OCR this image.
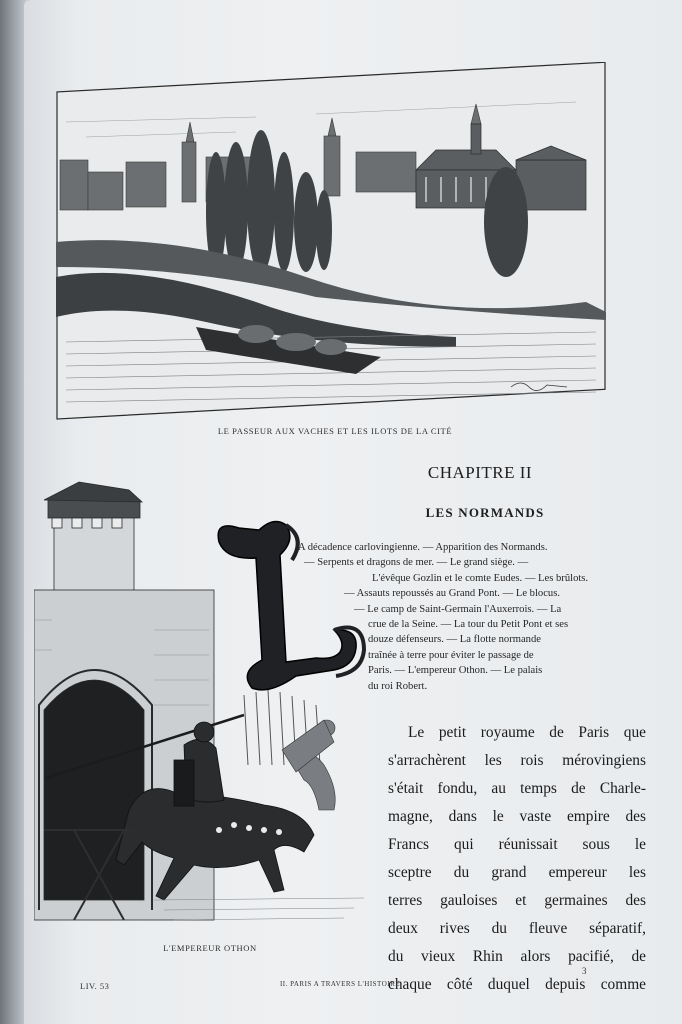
LE PASSEUR AUX VACHES ET LES ILOTS DE LA CITÉ
CHAPITRE II
LES NORMANDS
A décadence carlovingienne. — Apparition des Normands.
— Serpents et dragons de mer. — Le grand siège. —
L'évêque Gozlin et le comte Eudes. — Les brûlots.
— Assauts repoussés au Grand Pont. — Le blocus.
— Le camp de Saint-Germain l'Auxerrois. — La
crue de la Seine. — La tour du Petit Pont et ses
douze défenseurs. — La flotte normande
traînée à terre pour éviter le passage de
Paris. — L'empereur Othon. — Le palais
du roi Robert.
L'EMPEREUR OTHON
Le petit royaume de Paris que
s'arrachèrent les rois mérovingiens
s'était fondu, au temps de Charle-
magne, dans le vaste empire des
Francs qui réunissait sous le
sceptre du grand empereur les
terres gauloises et germaines des
deux rives du fleuve séparatif,
du vieux Rhin alors pacifié, de
chaque côté duquel depuis comme
LIV. 53	II. PARIS A TRAVERS L'HISTOIRE
3
